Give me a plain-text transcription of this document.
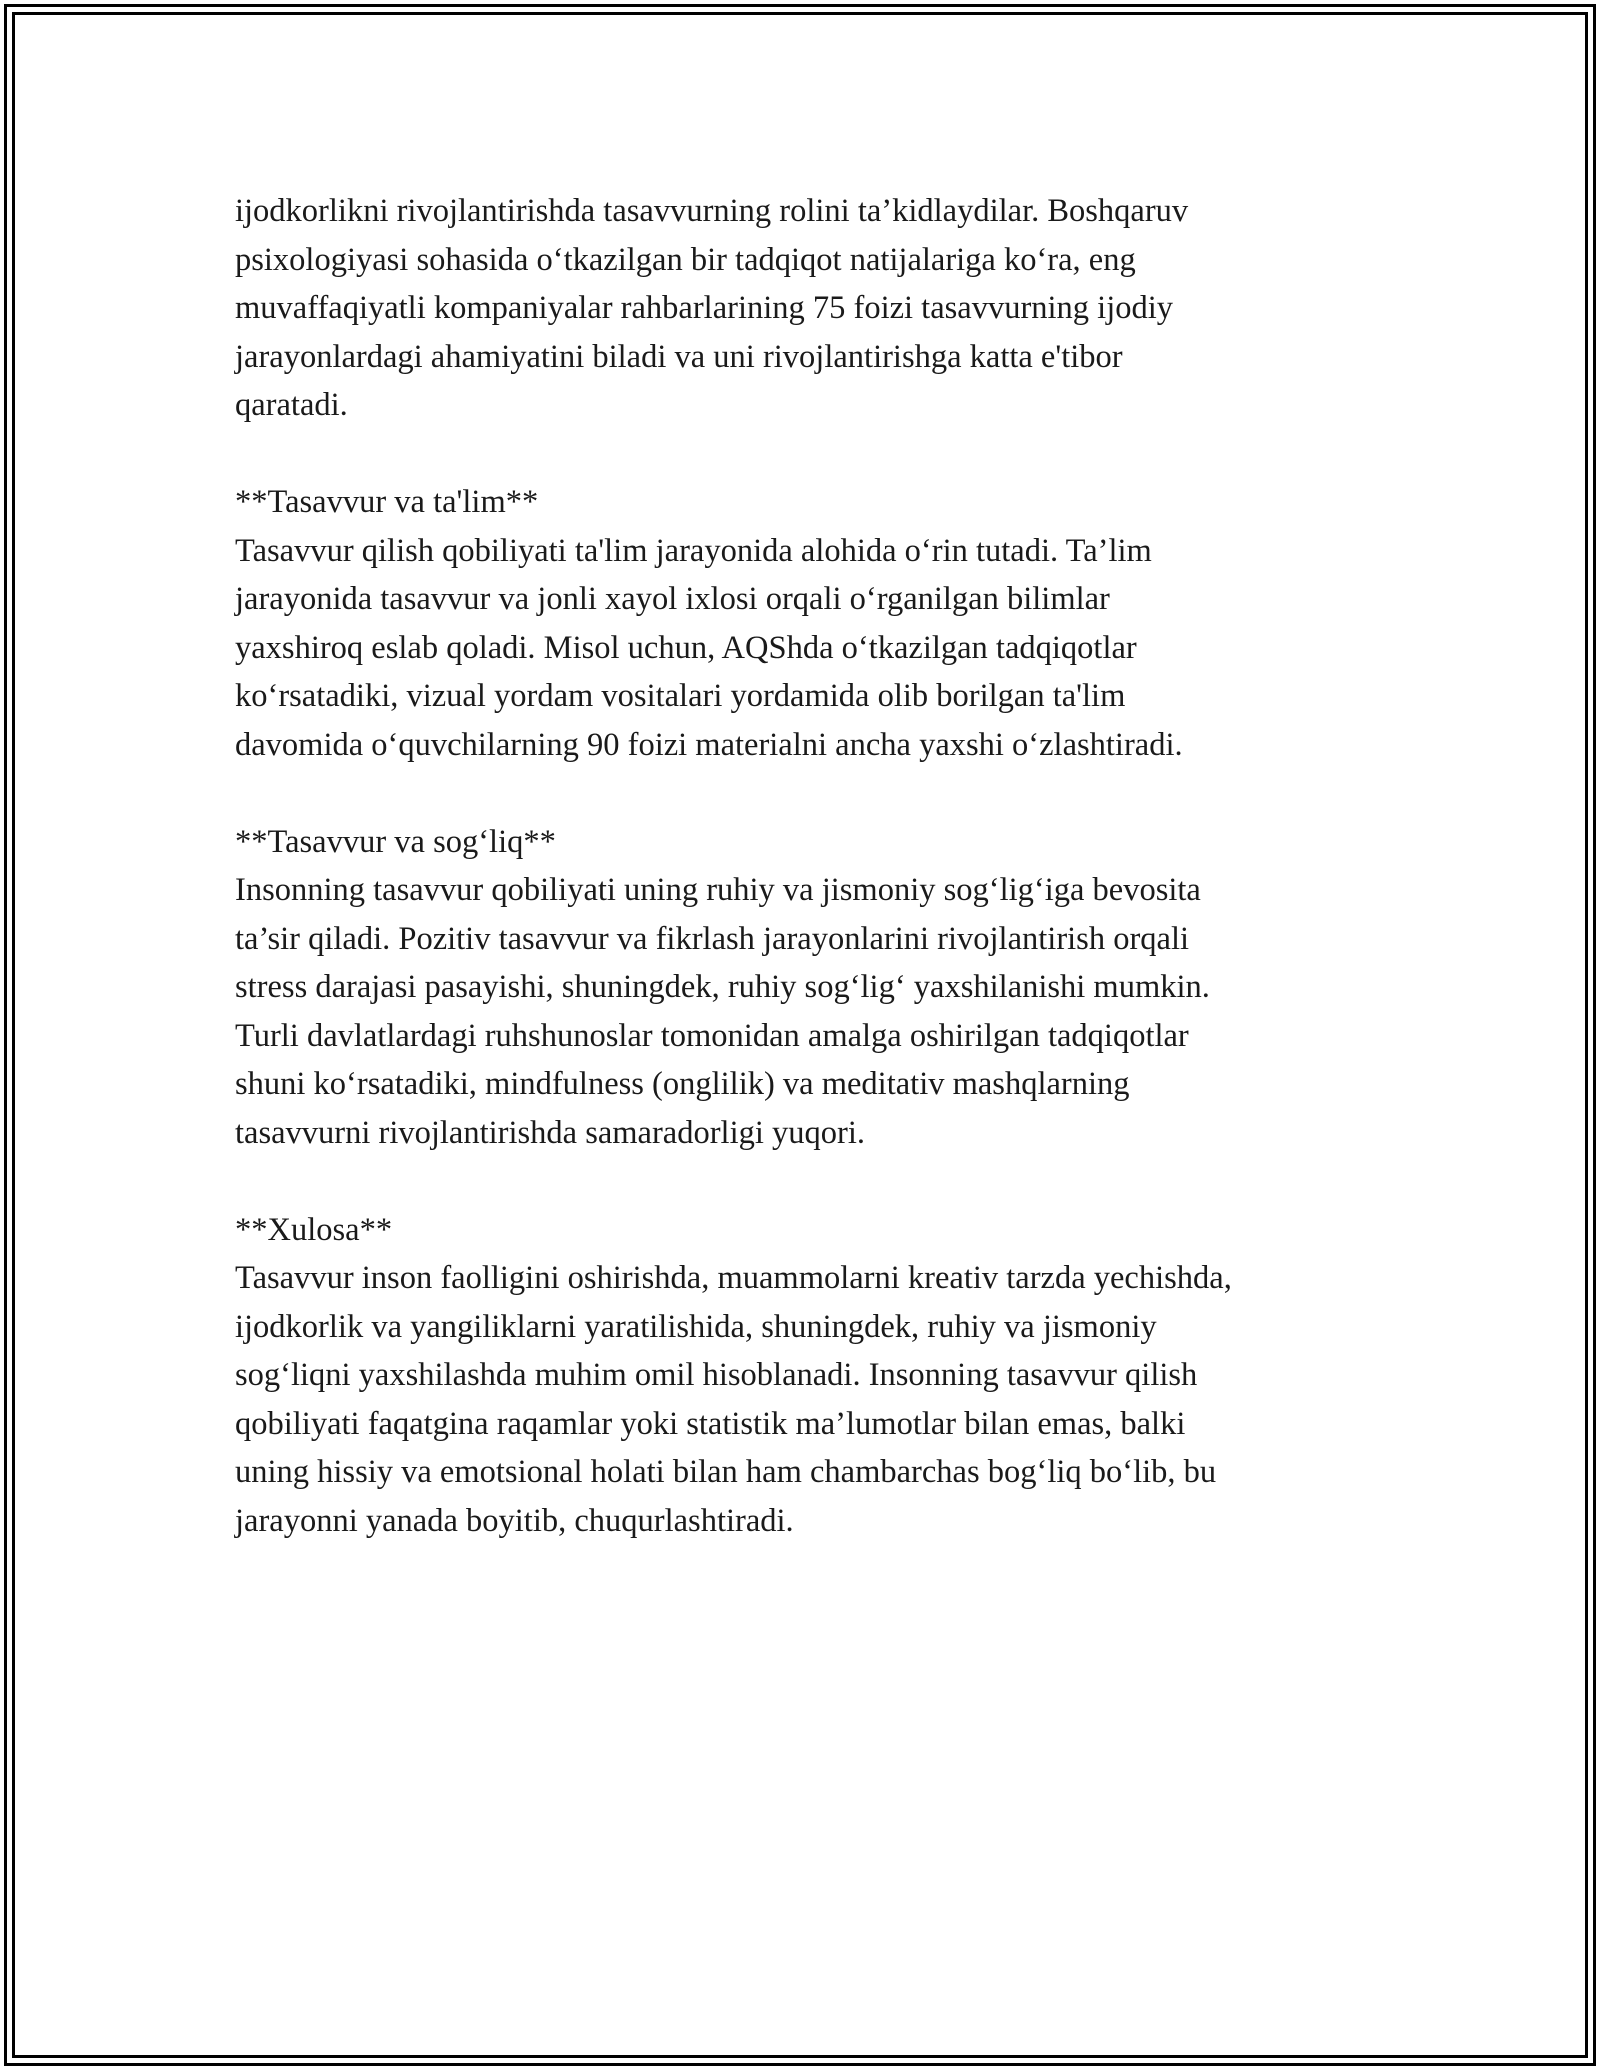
ijodkorlikni rivojlantirishda tasavvurning rolini ta’kidlaydilar. Boshqaruv
psixologiyasi sohasida o‘tkazilgan bir tadqiqot natijalariga ko‘ra, eng
muvaffaqiyatli kompaniyalar rahbarlarining 75 foizi tasavvurning ijodiy
jarayonlardagi ahamiyatini biladi va uni rivojlantirishga katta e'tibor
qaratadi.
**Tasavvur va ta'lim**
Tasavvur qilish qobiliyati ta'lim jarayonida alohida o‘rin tutadi. Ta’lim
jarayonida tasavvur va jonli xayol ixlosi orqali o‘rganilgan bilimlar
yaxshiroq eslab qoladi. Misol uchun, AQShda o‘tkazilgan tadqiqotlar
ko‘rsatadiki, vizual yordam vositalari yordamida olib borilgan ta'lim
davomida o‘quvchilarning 90 foizi materialni ancha yaxshi o‘zlashtiradi.
**Tasavvur va sog‘liq**
Insonning tasavvur qobiliyati uning ruhiy va jismoniy sog‘lig‘iga bevosita
ta’sir qiladi. Pozitiv tasavvur va fikrlash jarayonlarini rivojlantirish orqali
stress darajasi pasayishi, shuningdek, ruhiy sog‘lig‘ yaxshilanishi mumkin.
Turli davlatlardagi ruhshunoslar tomonidan amalga oshirilgan tadqiqotlar
shuni ko‘rsatadiki, mindfulness (onglilik) va meditativ mashqlarning
tasavvurni rivojlantirishda samaradorligi yuqori.
**Xulosa**
Tasavvur inson faolligini oshirishda, muammolarni kreativ tarzda yechishda,
ijodkorlik va yangiliklarni yaratilishida, shuningdek, ruhiy va jismoniy
sog‘liqni yaxshilashda muhim omil hisoblanadi. Insonning tasavvur qilish
qobiliyati faqatgina raqamlar yoki statistik ma’lumotlar bilan emas, balki
uning hissiy va emotsional holati bilan ham chambarchas bog‘liq bo‘lib, bu
jarayonni yanada boyitib, chuqurlashtiradi.
